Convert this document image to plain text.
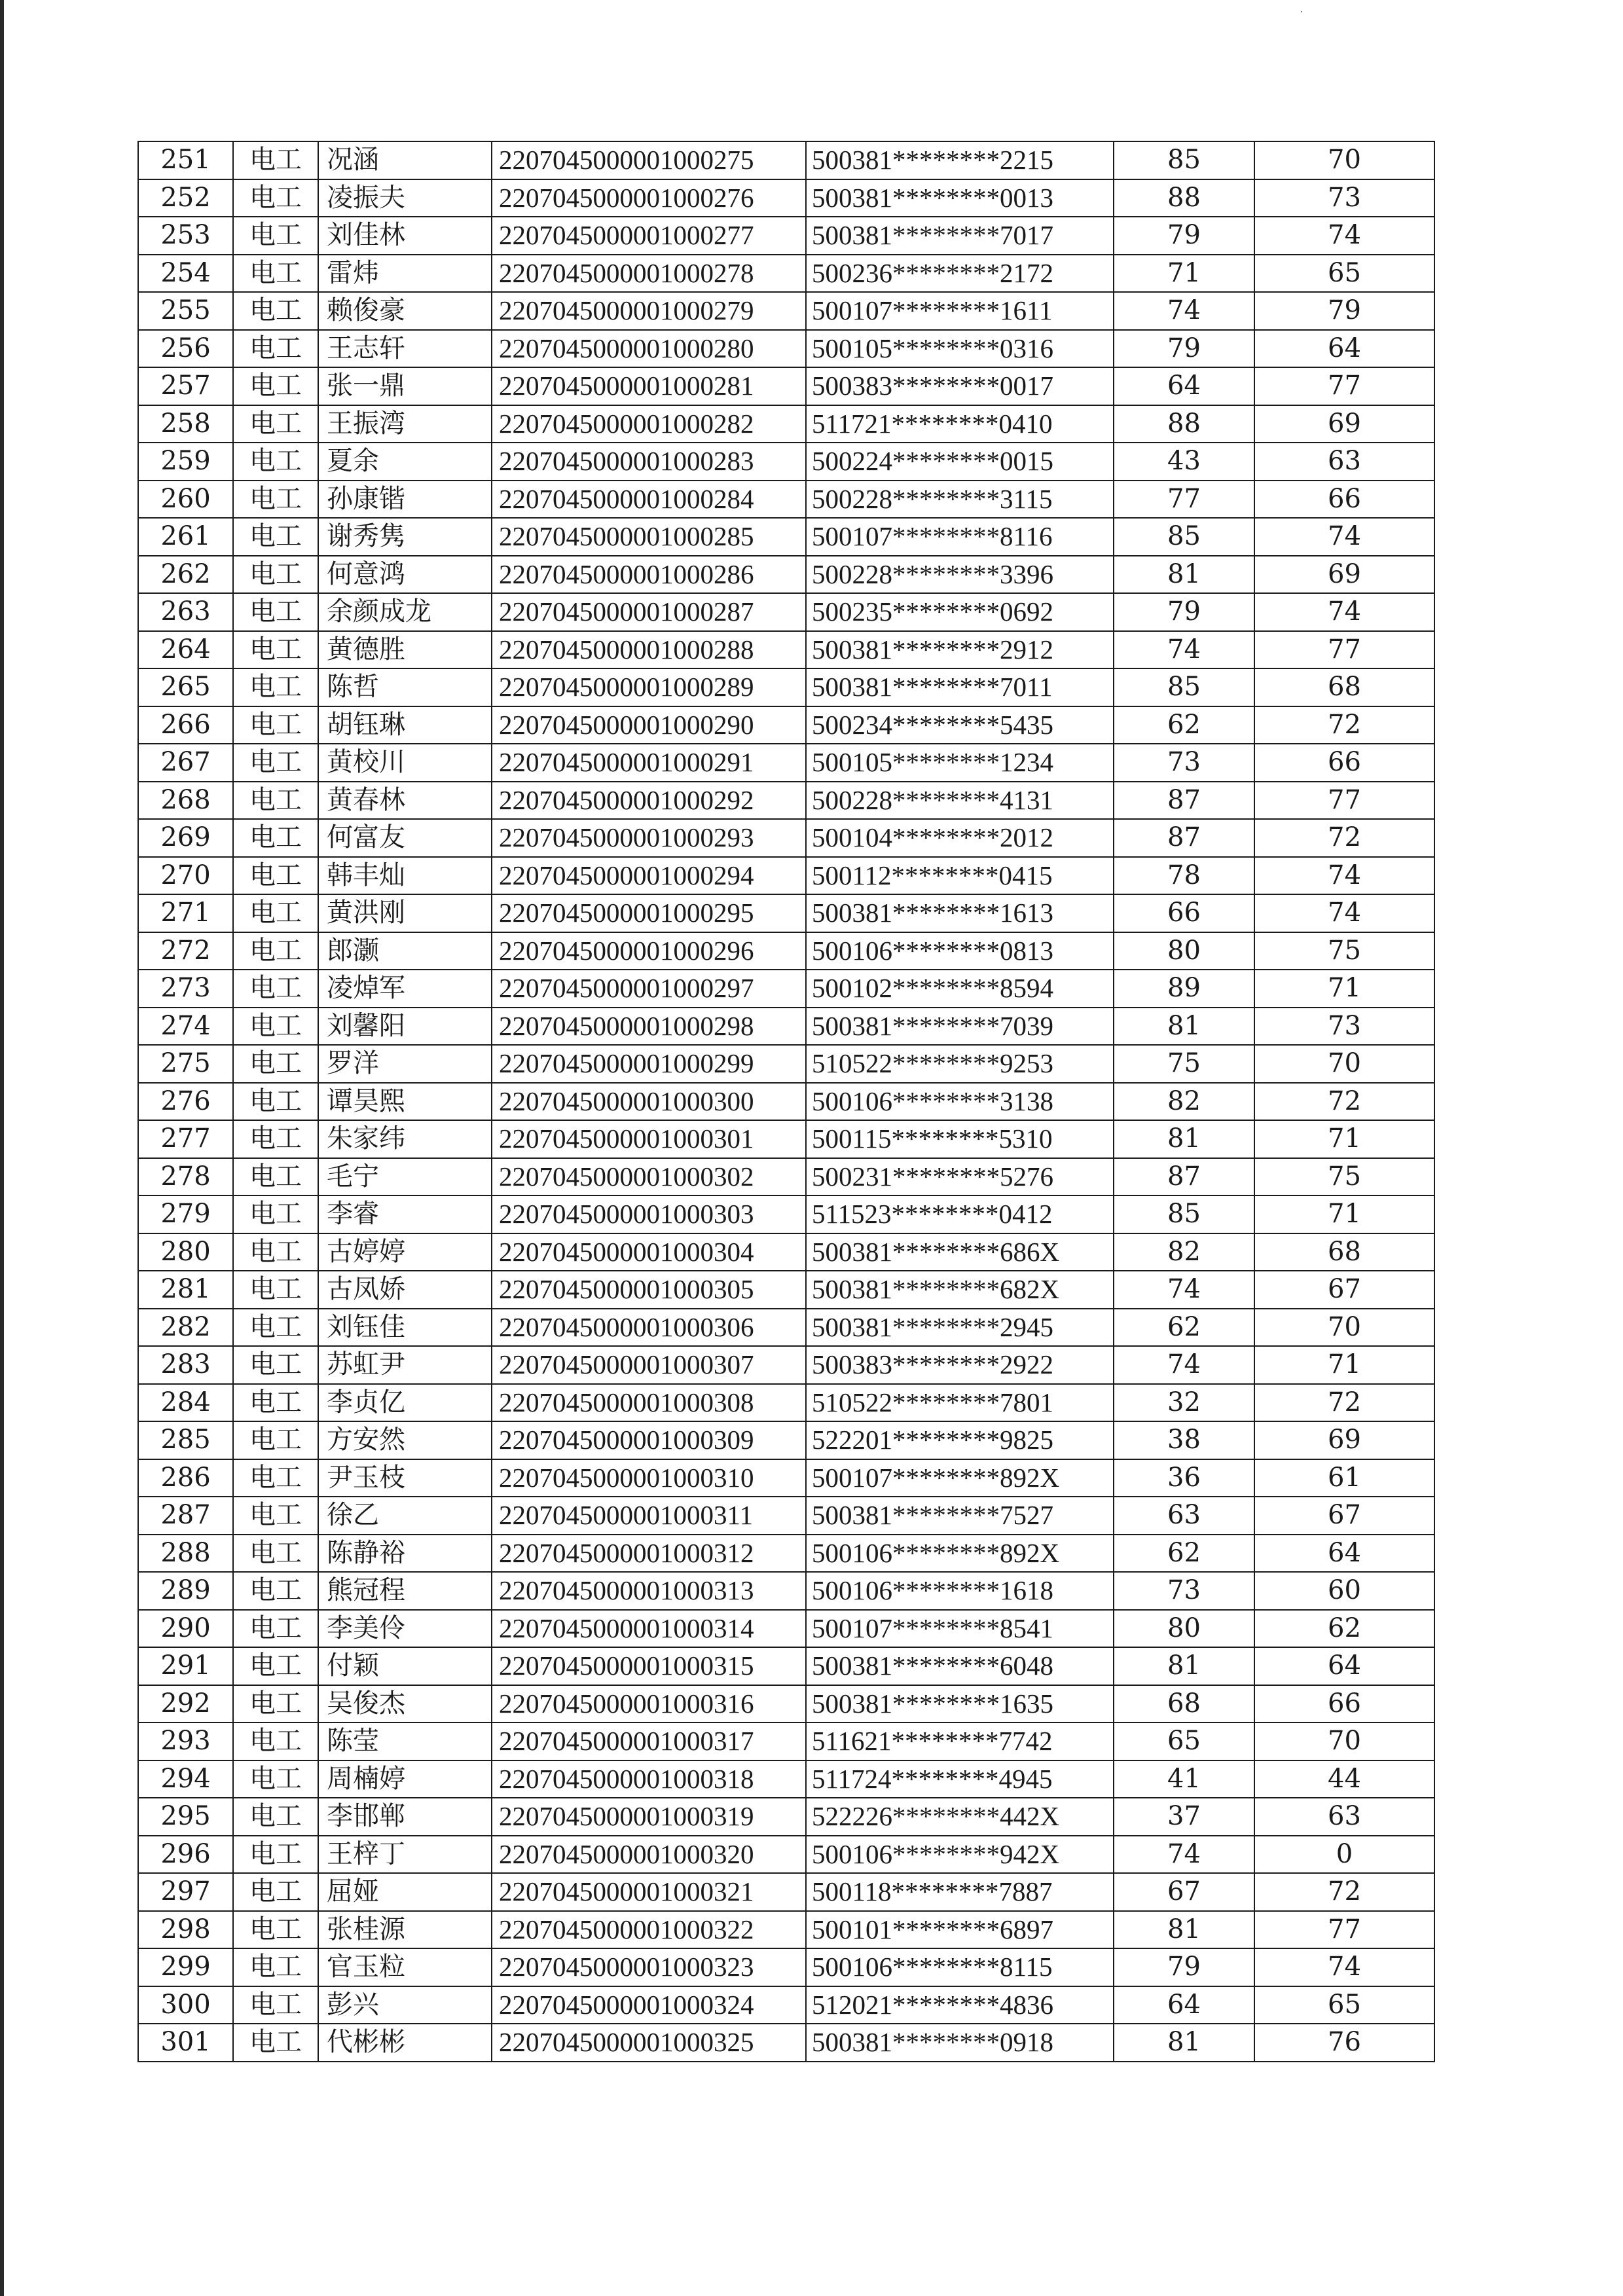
·
251	电工	况涵	2207045000001000275	500381********2215	85	70
252	电工	凌振夫	2207045000001000276	500381********0013	88	73
253	电工	刘佳林	2207045000001000277	500381********7017	79	74
254	电工	雷炜	2207045000001000278	500236********2172	71	65
255	电工	赖俊豪	2207045000001000279	500107********1611	74	79
256	电工	王志轩	2207045000001000280	500105********0316	79	64
257	电工	张一鼎	2207045000001000281	500383********0017	64	77
258	电工	王振湾	2207045000001000282	511721********0410	88	69
259	电工	夏余	2207045000001000283	500224********0015	43	63
260	电工	孙康锴	2207045000001000284	500228********3115	77	66
261	电工	谢秀隽	2207045000001000285	500107********8116	85	74
262	电工	何意鸿	2207045000001000286	500228********3396	81	69
263	电工	余颜成龙	2207045000001000287	500235********0692	79	74
264	电工	黄德胜	2207045000001000288	500381********2912	74	77
265	电工	陈哲	2207045000001000289	500381********7011	85	68
266	电工	胡钰琳	2207045000001000290	500234********5435	62	72
267	电工	黄校川	2207045000001000291	500105********1234	73	66
268	电工	黄春林	2207045000001000292	500228********4131	87	77
269	电工	何富友	2207045000001000293	500104********2012	87	72
270	电工	韩丰灿	2207045000001000294	500112********0415	78	74
271	电工	黄洪刚	2207045000001000295	500381********1613	66	74
272	电工	郎灏	2207045000001000296	500106********0813	80	75
273	电工	凌焯军	2207045000001000297	500102********8594	89	71
274	电工	刘馨阳	2207045000001000298	500381********7039	81	73
275	电工	罗洋	2207045000001000299	510522********9253	75	70
276	电工	谭昊熙	2207045000001000300	500106********3138	82	72
277	电工	朱家纬	2207045000001000301	500115********5310	81	71
278	电工	毛宁	2207045000001000302	500231********5276	87	75
279	电工	李睿	2207045000001000303	511523********0412	85	71
280	电工	古婷婷	2207045000001000304	500381********686X	82	68
281	电工	古凤娇	2207045000001000305	500381********682X	74	67
282	电工	刘钰佳	2207045000001000306	500381********2945	62	70
283	电工	苏虹尹	2207045000001000307	500383********2922	74	71
284	电工	李贞亿	2207045000001000308	510522********7801	32	72
285	电工	方安然	2207045000001000309	522201********9825	38	69
286	电工	尹玉枝	2207045000001000310	500107********892X	36	61
287	电工	徐乙	2207045000001000311	500381********7527	63	67
288	电工	陈静裕	2207045000001000312	500106********892X	62	64
289	电工	熊冠程	2207045000001000313	500106********1618	73	60
290	电工	李美伶	2207045000001000314	500107********8541	80	62
291	电工	付颖	2207045000001000315	500381********6048	81	64
292	电工	吴俊杰	2207045000001000316	500381********1635	68	66
293	电工	陈莹	2207045000001000317	511621********7742	65	70
294	电工	周楠婷	2207045000001000318	511724********4945	41	44
295	电工	李邯郸	2207045000001000319	522226********442X	37	63
296	电工	王梓丁	2207045000001000320	500106********942X	74	0
297	电工	屈娅	2207045000001000321	500118********7887	67	72
298	电工	张桂源	2207045000001000322	500101********6897	81	77
299	电工	官玉粒	2207045000001000323	500106********8115	79	74
300	电工	彭兴	2207045000001000324	512021********4836	64	65
301	电工	代彬彬	2207045000001000325	500381********0918	81	76
